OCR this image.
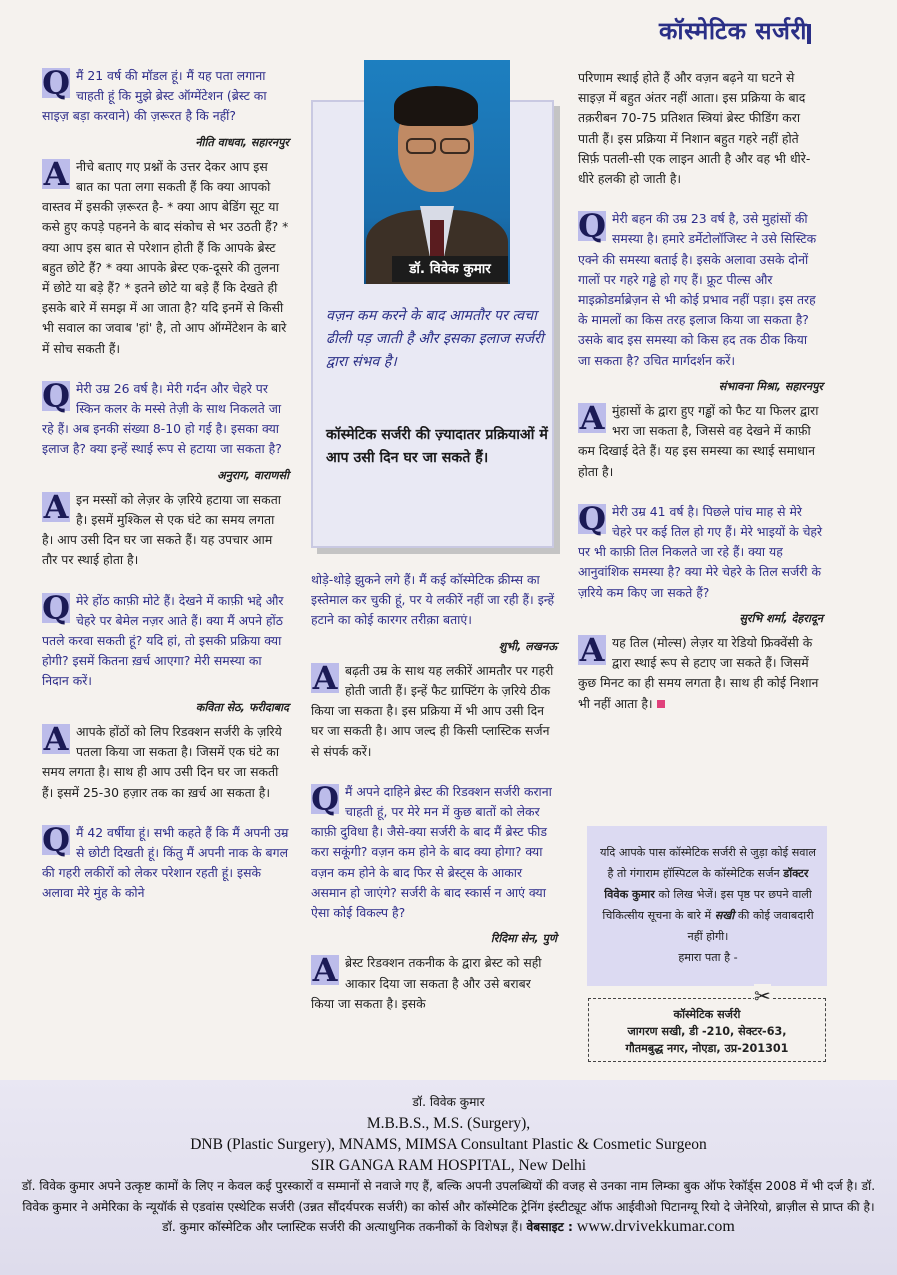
कॉस्मेटिक सर्जरी
Q मैं 21 वर्ष की मॉडल हूं। मैं यह पता लगाना चाहती हूं कि मुझे ब्रेस्ट ऑग्मेंटेशन (ब्रेस्ट का साइज़ बड़ा करवाने) की ज़रूरत है कि नहीं?
नीति वाधवा, सहारनपुर
A नीचे बताए गए प्रश्नों के उत्तर देकर आप इस बात का पता लगा सकती हैं कि क्या आपको वास्तव में इसकी ज़रूरत है- * क्या आप बेडिंग सूट या कसे हुए कपड़े पहनने के बाद संकोच से भर उठती हैं? * क्या आप इस बात से परेशान होती हैं कि आपके ब्रेस्ट बहुत छोटे हैं? * क्या आपके ब्रेस्ट एक-दूसरे की तुलना में छोटे या बड़े हैं? * इतने छोटे या बड़े हैं कि देखते ही इसके बारे में समझ में आ जाता है? यदि इनमें से किसी भी सवाल का जवाब 'हां' है, तो आप ऑग्मेंटेशन के बारे में सोच सकती हैं।
Q मेरी उम्र 26 वर्ष है। मेरी गर्दन और चेहरे पर स्किन कलर के मस्से तेज़ी के साथ निकलते जा रहे हैं। अब इनकी संख्या 8-10 हो गई है। इसका क्या इलाज है? क्या इन्हें स्थाई रूप से हटाया जा सकता है?
अनुराग, वाराणसी
A इन मस्सों को लेज़र के ज़रिये हटाया जा सकता है। इसमें मुश्किल से एक घंटे का समय लगता है। आप उसी दिन घर जा सकते हैं। यह उपचार आम तौर पर स्थाई होता है।
Q मेरे होंठ काफ़ी मोटे हैं। देखने में काफ़ी भद्दे और चेहरे पर बेमेल नज़र आते हैं। क्या मैं अपने होंठ पतले करवा सकती हूं? यदि हां, तो इसकी प्रक्रिया क्या होगी? इसमें कितना ख़र्च आएगा? मेरी समस्या का निदान करें।
कविता सेठ, फरीदाबाद
A आपके होंठों को लिप रिडक्शन सर्जरी के ज़रिये पतला किया जा सकता है। जिसमें एक घंटे का समय लगता है। साथ ही आप उसी दिन घर जा सकती हैं। इसमें 25-30 हज़ार तक का ख़र्च आ सकता है।
Q मैं 42 वर्षीया हूं। सभी कहते हैं कि मैं अपनी उम्र से छोटी दिखती हूं। किंतु मैं अपनी नाक के बगल की गहरी लकीरों को लेकर परेशान रहती हूं। इसके अलावा मेरे मुंह के कोने
डॉ. विवेक कुमार
वज़न कम करने के बाद आमतौर पर त्वचा ढीली पड़ जाती है और इसका इलाज सर्जरी द्वारा संभव है।
कॉस्मेटिक सर्जरी की ज़्यादातर प्रक्रियाओं में आप उसी दिन घर जा सकते हैं।
थोड़े-थोड़े झुकने लगे हैं। मैं कई कॉस्मेटिक क्रीम्स का इस्तेमाल कर चुकी हूं, पर ये लकीरें नहीं जा रही हैं। इन्हें हटाने का कोई कारगर तरीक़ा बताएं।
शुभी, लखनऊ
A बढ़ती उम्र के साथ यह लकीरें आमतौर पर गहरी होती जाती हैं। इन्हें फैट ग्राफ्टिंग के ज़रिये ठीक किया जा सकता है। इस प्रक्रिया में भी आप उसी दिन घर जा सकती है। आप जल्द ही किसी प्लास्टिक सर्जन से संपर्क करें।
Q मैं अपने दाहिने ब्रेस्ट की रिडक्शन सर्जरी कराना चाहती हूं, पर मेरे मन में कुछ बातों को लेकर काफ़ी दुविधा है। जैसे-क्या सर्जरी के बाद मैं ब्रेस्ट फीड करा सकूंगी? वज़न कम होने के बाद क्या होगा? क्या वज़न कम होने के बाद फिर से ब्रेस्ट्स के आकार असमान हो जाएंगे? सर्जरी के बाद स्कार्स न आएं क्या ऐसा कोई विकल्प है?
रिदिमा सेन, पुणे
A ब्रेस्ट रिडक्शन तकनीक के द्वारा ब्रेस्ट को सही आकार दिया जा सकता है और उसे बराबर किया जा सकता है। इसके
परिणाम स्थाई होते हैं और वज़न बढ़ने या घटने से साइज़ में बहुत अंतर नहीं आता। इस प्रक्रिया के बाद तक़रीबन 70-75 प्रतिशत स्त्रियां ब्रेस्ट फीडिंग करा पाती हैं। इस प्रक्रिया में निशान बहुत गहरे नहीं होते सिर्फ़ पतली-सी एक लाइन आती है और वह भी धीरे-धीरे हलकी हो जाती है।
Q मेरी बहन की उम्र 23 वर्ष है, उसे मुहांसों की समस्या है। हमारे डर्मेटोलॉजिस्ट ने उसे सिस्टिक एक्ने की समस्या बताई है। इसके अलावा उसके दोनों गालों पर गहरे गड्ढे हो गए हैं। फ़्रूट पील्स और माइक्रोडर्माब्रेज़न से भी कोई प्रभाव नहीं पड़ा। इस तरह के मामलों का किस तरह इलाज किया जा सकता है? उसके बाद इस समस्या को किस हद तक ठीक किया जा सकता है? उचित मार्गदर्शन करें।
संभावना मिश्रा, सहारनपुर
A मुंहासों के द्वारा हुए गड्ढों को फैट या फिलर द्वारा भरा जा सकता है, जिससे वह देखने में काफ़ी कम दिखाई देते हैं। यह इस समस्या का स्थाई समाधान होता है।
Q मेरी उम्र 41 वर्ष है। पिछले पांच माह से मेरे चेहरे पर कई तिल हो गए हैं। मेरे भाइयों के चेहरे पर भी काफ़ी तिल निकलते जा रहे हैं। क्या यह आनुवांशिक समस्या है? क्या मेरे चेहरे के तिल सर्जरी के ज़रिये कम किए जा सकते हैं?
सुरभि शर्मा, देहरादून
A यह तिल (मोल्स) लेज़र या रेडियो फ्रिक्वेंसी के द्वारा स्थाई रूप से हटाए जा सकते हैं। जिसमें कुछ मिनट का ही समय लगता है। साथ ही कोई निशान भी नहीं आता है।
यदि आपके पास कॉस्मेटिक सर्जरी से जुड़ा कोई सवाल है तो गंगाराम हॉस्पिटल के कॉस्मेटिक सर्जन डॉक्टर विवेक कुमार को लिख भेजें। इस पृष्ठ पर छपने वाली चिकित्सीय सूचना के बारे में सखी की कोई जवाबदारी नहीं होगी।
हमारा पता है -
✂
कॉस्मेटिक सर्जरी
जागरण सखी, डी -210, सेक्टर-63,
गौतमबुद्ध नगर, नोएडा, उप्र-201301
डॉ. विवेक कुमार
M.B.B.S., M.S. (Surgery),
DNB (Plastic Surgery), MNAMS, MIMSA Consultant Plastic & Cosmetic Surgeon
SIR GANGA RAM HOSPITAL, New Delhi
डॉ. विवेक कुमार अपने उत्कृष्ट कामों के लिए न केवल कई पुरस्कारों व सम्मानों से नवाजे गए हैं, बल्कि अपनी उपलब्धियों की वजह से उनका नाम लिम्का बुक ऑफ रेकॉर्ड्स 2008 में भी दर्ज है। डॉ. विवेक कुमार ने अमेरिका के न्यूयॉर्क से एडवांस एस्थेटिक सर्जरी (उन्नत सौंदर्यपरक सर्जरी) का कोर्स और कॉस्मेटिक ट्रेनिंग इंस्टीट्यूट ऑफ आईवीओ पिटानग्यू रियो दे जेनेरियो, ब्राज़ील से प्राप्त की है। डॉ. कुमार कॉस्मेटिक और प्लास्टिक सर्जरी की अत्याधुनिक तकनीकों के विशेषज्ञ हैं। वेबसाइट : www.drvivekkumar.com
